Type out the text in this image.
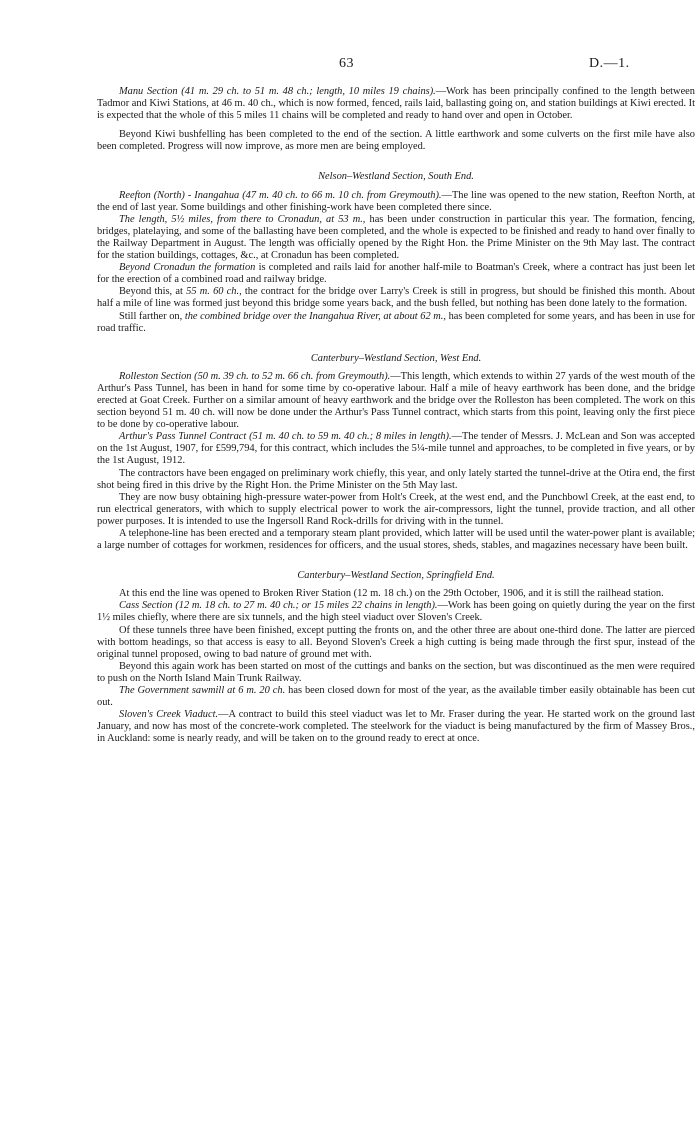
63	D.—1.

Manu Section (41 m. 29 ch. to 51 m. 48 ch.; length, 10 miles 19 chains).—Work has been principally confined to the length between Tadmor and Kiwi Stations, at 46 m. 40 ch., which is now formed, fenced, rails laid, ballasting going on, and station buildings at Kiwi erected. It is expected that the whole of this 5 miles 11 chains will be completed and ready to hand over and open in October.

Beyond Kiwi bushfelling has been completed to the end of the section. A little earthwork and some culverts on the first mile have also been completed. Progress will now improve, as more men are being employed.

Nelson–Westland Section, South End.

Reefton (North) - Inangahua (47 m. 40 ch. to 66 m. 10 ch. from Greymouth).—The line was opened to the new station, Reefton North, at the end of last year. Some buildings and other finishing-work have been completed there since.

The length, 5½ miles, from there to Cronadun, at 53 m., has been under construction in particular this year. The formation, fencing, bridges, platelaying, and some of the ballasting have been completed, and the whole is expected to be finished and ready to hand over finally to the Railway Department in August. The length was officially opened by the Right Hon. the Prime Minister on the 9th May last. The contract for the station buildings, cottages, &c., at Cronadun has been completed.

Beyond Cronadun the formation is completed and rails laid for another half-mile to Boatman's Creek, where a contract has just been let for the erection of a combined road and railway bridge.

Beyond this, at 55 m. 60 ch., the contract for the bridge over Larry's Creek is still in progress, but should be finished this month. About half a mile of line was formed just beyond this bridge some years back, and the bush felled, but nothing has been done lately to the formation.

Still farther on, the combined bridge over the Inangahua River, at about 62 m., has been completed for some years, and has been in use for road traffic.

Canterbury–Westland Section, West End.

Rolleston Section (50 m. 39 ch. to 52 m. 66 ch. from Greymouth).—This length, which extends to within 27 yards of the west mouth of the Arthur's Pass Tunnel, has been in hand for some time by co-operative labour. Half a mile of heavy earthwork has been done, and the bridge erected at Goat Creek. Further on a similar amount of heavy earthwork and the bridge over the Rolleston has been completed. The work on this section beyond 51 m. 40 ch. will now be done under the Arthur's Pass Tunnel contract, which starts from this point, leaving only the first piece to be done by co-operative labour.

Arthur's Pass Tunnel Contract (51 m. 40 ch. to 59 m. 40 ch.; 8 miles in length).—The tender of Messrs. J. McLean and Son was accepted on the 1st August, 1907, for £599,794, for this contract, which includes the 5¼-mile tunnel and approaches, to be completed in five years, or by the 1st August, 1912.

The contractors have been engaged on preliminary work chiefly, this year, and only lately started the tunnel-drive at the Otira end, the first shot being fired in this drive by the Right Hon. the Prime Minister on the 5th May last.

They are now busy obtaining high-pressure water-power from Holt's Creek, at the west end, and the Punchbowl Creek, at the east end, to run electrical generators, with which to supply electrical power to work the air-compressors, light the tunnel, provide traction, and all other power purposes. It is intended to use the Ingersoll Rand Rock-drills for driving with in the tunnel.

A telephone-line has been erected and a temporary steam plant provided, which latter will be used until the water-power plant is available; a large number of cottages for workmen, residences for officers, and the usual stores, sheds, stables, and magazines necessary have been built.

Canterbury–Westland Section, Springfield End.

At this end the line was opened to Broken River Station (12 m. 18 ch.) on the 29th October, 1906, and it is still the railhead station.

Cass Section (12 m. 18 ch. to 27 m. 40 ch.; or 15 miles 22 chains in length).—Work has been going on quietly during the year on the first 1½ miles chiefly, where there are six tunnels, and the high steel viaduct over Sloven's Creek.

Of these tunnels three have been finished, except putting the fronts on, and the other three are about one-third done. The latter are pierced with bottom headings, so that access is easy to all. Beyond Sloven's Creek a high cutting is being made through the first spur, instead of the original tunnel proposed, owing to bad nature of ground met with.

Beyond this again work has been started on most of the cuttings and banks on the section, but was discontinued as the men were required to push on the North Island Main Trunk Railway.

The Government sawmill at 6 m. 20 ch. has been closed down for most of the year, as the available timber easily obtainable has been cut out.

Sloven's Creek Viaduct.—A contract to build this steel viaduct was let to Mr. Fraser during the year. He started work on the ground last January, and now has most of the concrete-work completed. The steelwork for the viaduct is being manufactured by the firm of Massey Bros., in Auckland: some is nearly ready, and will be taken on to the ground ready to erect at once.
